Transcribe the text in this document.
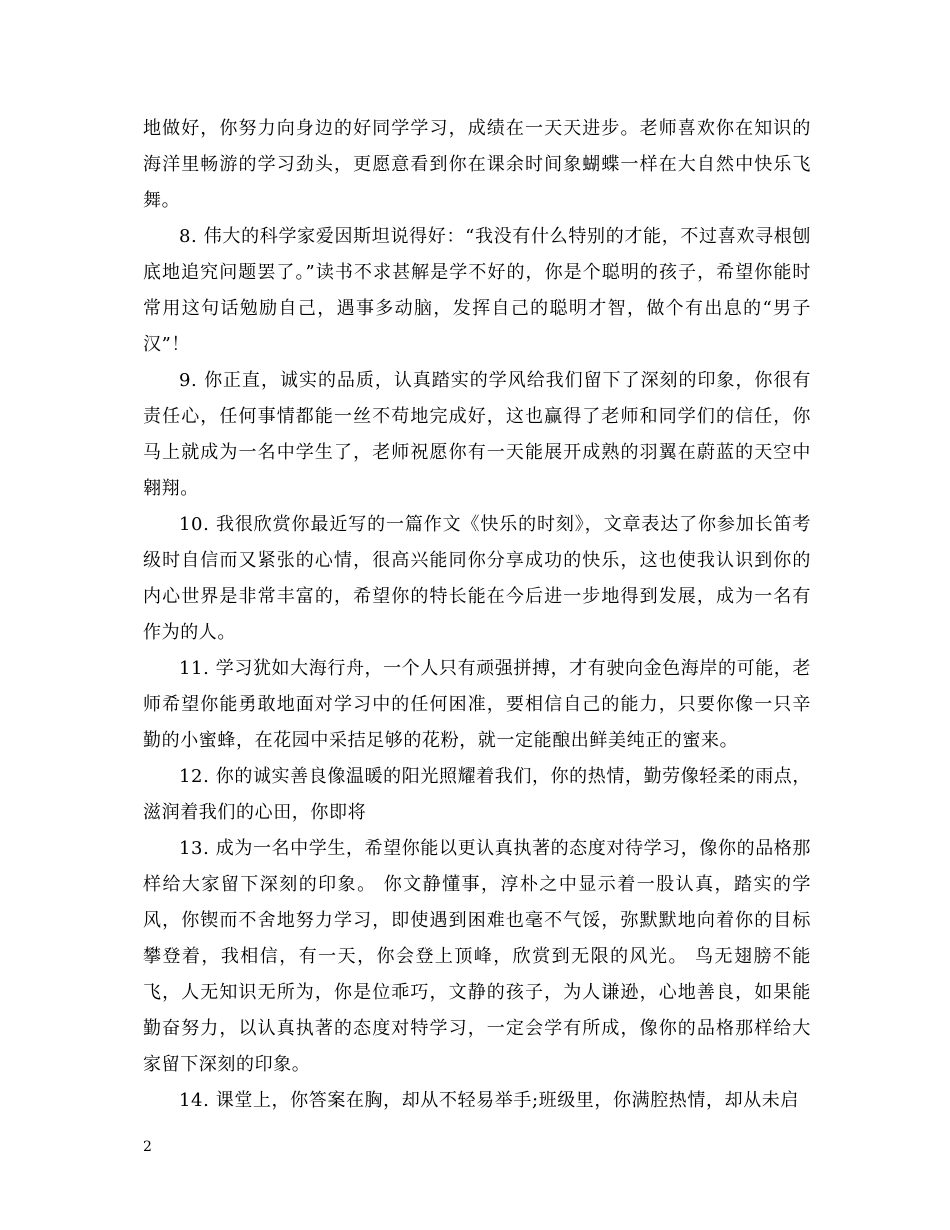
地做好，你努力向身边的好同学学习，成绩在一天天进步。老师喜欢你在知识的海洋里畅游的学习劲头，更愿意看到你在课余时间象蝴蝶一样在大自然中快乐飞舞。

8. 伟大的科学家爱因斯坦说得好：“我没有什么特别的才能，不过喜欢寻根刨底地追究问题罢了。”读书不求甚解是学不好的，你是个聪明的孩子，希望你能时常用这句话勉励自己，遇事多动脑，发挥自己的聪明才智，做个有出息的“男子汉”！

9. 你正直，诚实的品质，认真踏实的学风给我们留下了深刻的印象，你很有责任心，任何事情都能一丝不苟地完成好，这也赢得了老师和同学们的信任，你马上就成为一名中学生了，老师祝愿你有一天能展开成熟的羽翼在蔚蓝的天空中翱翔。

10. 我很欣赏你最近写的一篇作文《快乐的时刻》，文章表达了你参加长笛考级时自信而又紧张的心情，很高兴能同你分享成功的快乐，这也使我认识到你的内心世界是非常丰富的，希望你的特长能在今后进一步地得到发展，成为一名有作为的人。

11. 学习犹如大海行舟，一个人只有顽强拼搏，才有驶向金色海岸的可能，老师希望你能勇敢地面对学习中的任何困准，要相信自己的能力，只要你像一只辛勤的小蜜蜂，在花园中采拮足够的花粉，就一定能酿出鲜美纯正的蜜来。

12. 你的诚实善良像温暖的阳光照耀着我们，你的热情，勤劳像轻柔的雨点，滋润着我们的心田，你即将

13. 成为一名中学生，希望你能以更认真执著的态度对待学习，像你的品格那样给大家留下深刻的印象。 你文静懂事，淳朴之中显示着一股认真，踏实的学风，你锲而不舍地努力学习，即使遇到困难也毫不气馁，弥默默地向着你的目标攀登着，我相信，有一天，你会登上顶峰，欣赏到无限的风光。 鸟无翅膀不能飞，人无知识无所为，你是位乖巧，文静的孩子，为人谦逊，心地善良，如果能勤奋努力，以认真执著的态度对特学习，一定会学有所成，像你的品格那样给大家留下深刻的印象。

14. 课堂上，你答案在胸，却从不轻易举手;班级里，你满腔热情，却从未启

2
